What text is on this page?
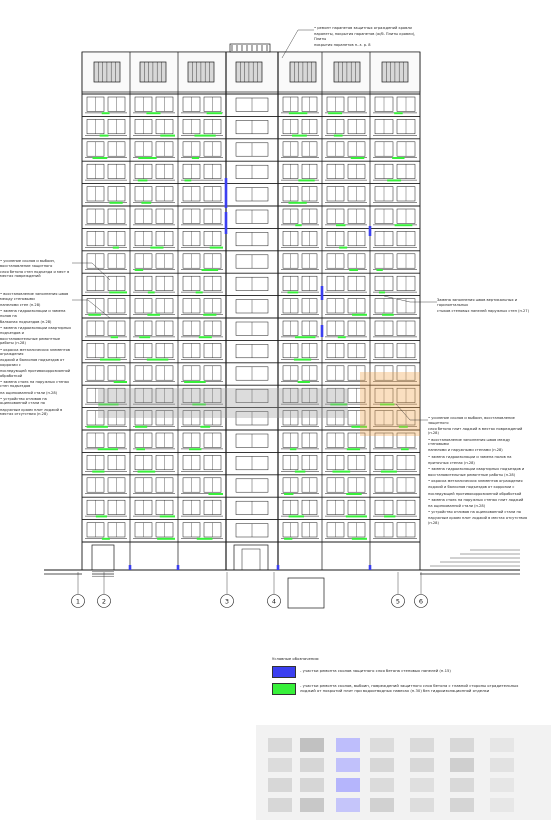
1	2	3	4	5	6

• ремонт парапетов защитных ограждений кровли

парапеты, покрытия парапетов (ж/б. Плиты кровли), Плиты

покрытия парапетов п.-з. р. 8

• усиление сколов и выбоин, восстановление защитного

слоя бетона стен подъезда и мест в местах повреждений

• восстановление заполнения швов между стеновыми

панелями стен (п.28)

• замена гидроизоляции и замена полов на

балконах подъездов (п.28)

• замена гидроизоляции квартирных подъездов и

восстановительные ремонтные работы (п.28)

• окраска металлических элементов ограждения

лоджий и балконов подъездов от коррозии с

последующей противокоррозионной обработкой

• замена стоек на наружных стенах стен подъездов

на оцинкованной стали (п.28)

• устройство отливов на оцинкованной стали по

наружным краям плит лоджий в местах отсутствия (п.28)

Замена заполнения швов вертикальных и горизонтальных

стыков стеновых панелей наружных стен (п.27)

• усиление сколов и выбоин, восстановление защитного

слоя бетона плит лоджий в местах повреждений (п.28)

• восстановление заполнения швов между стеновыми

панелями и наружными стенами (п.28)

• замена гидроизоляции и замена полов на

приточных стенах (п.28)

• замена гидроизоляции квартирных подъездов и

восстановительные ремонтные работы (п.28)

• окраска металлических элементов ограждения

лоджий и балконов подъездов от коррозии с

последующей противокоррозионной обработкой

• замена стоек на наружных стенах плит лоджий

на оцинкованной стали (п.28)

• устройство отливов на оцинкованной стали по

наружным краям плит лоджий в местах отсутствия (п.28)

Условные обозначения:
- участки ремонта сколов защитного слоя бетона стеновых панелей (п.15)
- участки ремонта сколов, выбоин, повреждений защитного слоя бетона с главной стороны оградительных лоджий от покрытий плит при водоотводных навесах (п.30) без гидроизоляционной отделки
